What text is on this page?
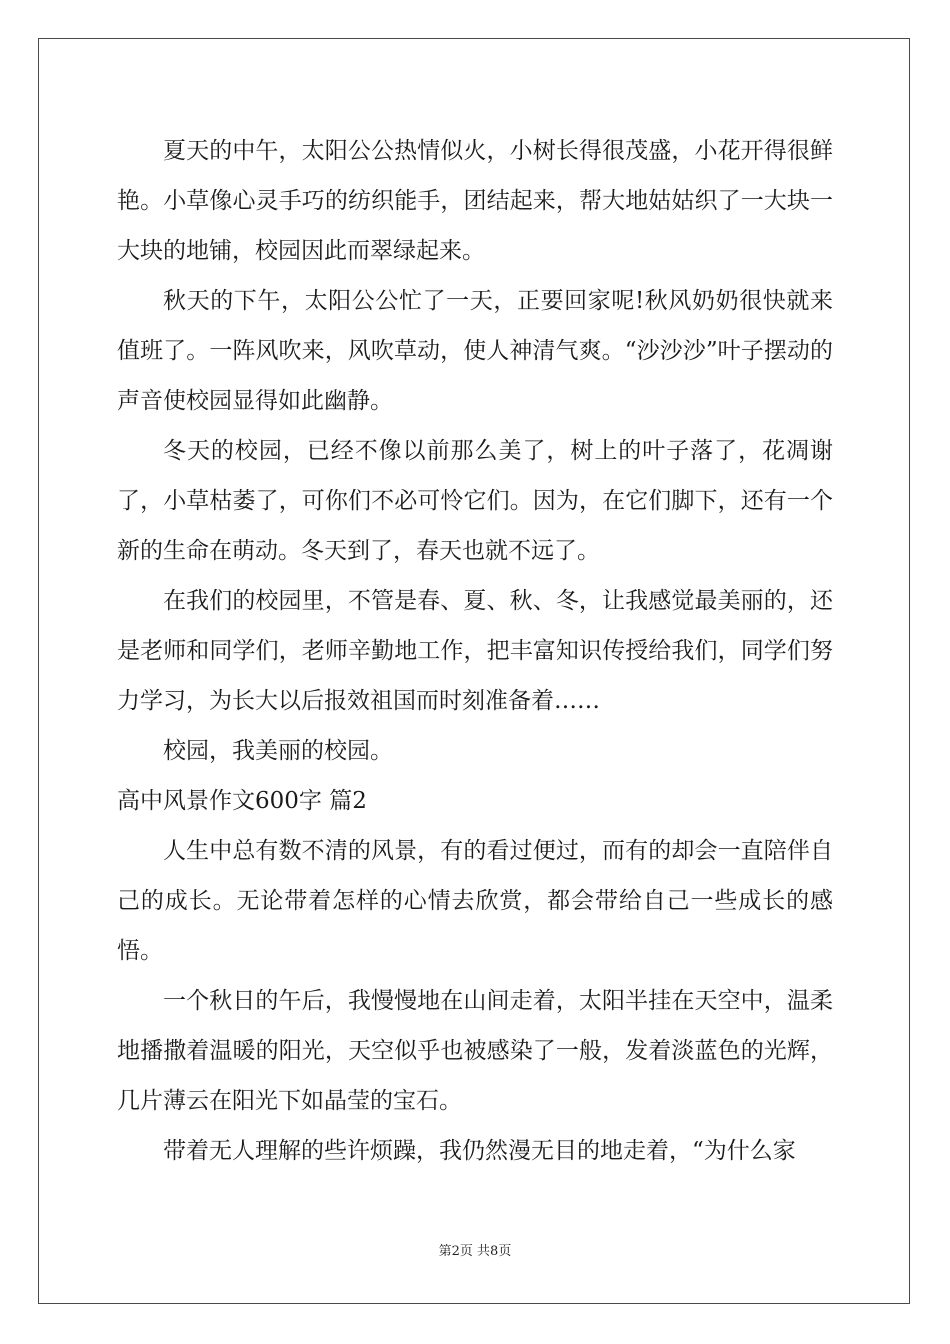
夏天的中午，太阳公公热情似火，小树长得很茂盛，小花开得很鲜艳。小草像心灵手巧的纺织能手，团结起来，帮大地姑姑织了一大块一大块的地铺，校园因此而翠绿起来。

秋天的下午，太阳公公忙了一天，正要回家呢!秋风奶奶很快就来值班了。一阵风吹来，风吹草动，使人神清气爽。“沙沙沙”叶子摆动的声音使校园显得如此幽静。

冬天的校园，已经不像以前那么美了，树上的叶子落了，花凋谢了，小草枯萎了，可你们不必可怜它们。因为，在它们脚下，还有一个新的生命在萌动。冬天到了，春天也就不远了。

在我们的校园里，不管是春、夏、秋、冬，让我感觉最美丽的，还是老师和同学们，老师辛勤地工作，把丰富知识传授给我们，同学们努力学习，为长大以后报效祖国而时刻准备着……

校园，我美丽的校园。

高中风景作文600字 篇2

人生中总有数不清的风景，有的看过便过，而有的却会一直陪伴自己的成长。无论带着怎样的心情去欣赏，都会带给自己一些成长的感悟。

一个秋日的午后，我慢慢地在山间走着，太阳半挂在天空中，温柔地播撒着温暖的阳光，天空似乎也被感染了一般，发着淡蓝色的光辉，几片薄云在阳光下如晶莹的宝石。

带着无人理解的些许烦躁，我仍然漫无目的地走着，“为什么家

第2页 共8页
